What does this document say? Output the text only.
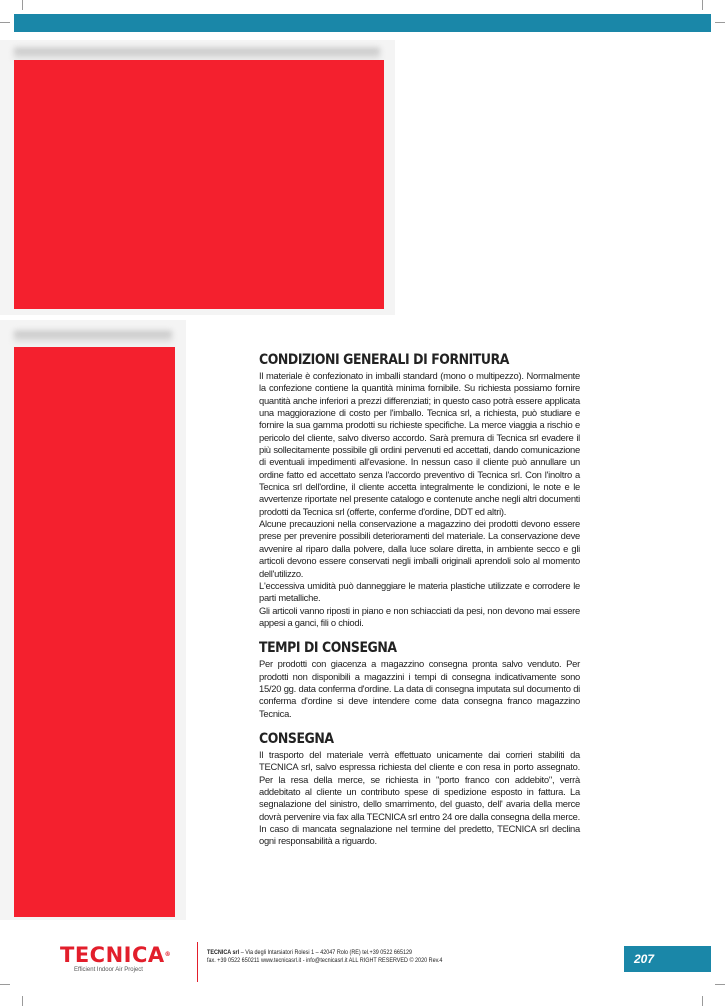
CONDIZIONI GENERALI DI FORNITURA

Il materiale è confezionato in imballi standard (mono o multipezzo). Normalmente la confezione contiene la quantità minima fornibile. Su richiesta possiamo fornire quantità anche inferiori a prezzi differenziati; in questo caso potrà essere applicata una maggiorazione di costo per l'imballo. Tecnica srl, a richiesta, può studiare e fornire la sua gamma prodotti su richieste specifiche. La merce viaggia a rischio e pericolo del cliente, salvo diverso accordo. Sarà premura di Tecnica srl evadere il più sollecitamente possibile gli ordini pervenuti ed accettati, dando comunicazione di eventuali impedimenti all'evasione. In nessun caso il cliente può annullare un ordine fatto ed accettato senza l'accordo preventivo di Tecnica srl. Con l'inoltro a Tecnica srl dell'ordine, il cliente accetta integralmente le condizioni, le note e le avvertenze riportate nel presente catalogo e contenute anche negli altri documenti prodotti da Tecnica srl (offerte, conferme d'ordine, DDT ed altri).

Alcune precauzioni nella conservazione a magazzino dei prodotti devono essere prese per prevenire possibili deterioramenti del materiale. La conservazione deve avvenire al riparo dalla polvere, dalla luce solare diretta, in ambiente secco e gli articoli devono essere conservati negli imballi originali aprendoli solo al momento dell'utilizzo.

L'eccessiva umidità può danneggiare le materia plastiche utilizzate e corrodere le parti metalliche.

Gli articoli vanno riposti in piano e non schiacciati da pesi, non devono mai essere appesi a ganci, fili o chiodi.

TEMPI DI CONSEGNA

Per prodotti con giacenza a magazzino consegna pronta salvo venduto. Per prodotti non disponibili a magazzini i tempi di consegna indicativamente sono 15/20 gg. data conferma d'ordine. La data di consegna imputata sul documento di conferma d'ordine si deve intendere come data consegna franco magazzino Tecnica.

CONSEGNA

Il trasporto del materiale verrà effettuato unicamente dai corrieri stabiliti da TECNICA srl, salvo espressa richiesta del cliente e con resa in porto assegnato. Per la resa della merce, se richiesta in "porto franco con addebito", verrà addebitato al cliente un contributo spese di spedizione esposto in fattura. La segnalazione del sinistro, dello smarrimento, del guasto, dell' avaria della merce dovrà pervenire via fax alla TECNICA srl entro 24 ore dalla consegna della merce. In caso di mancata segnalazione nel termine del predetto, TECNICA srl declina ogni responsabilità a riguardo.

TECNICA®
Efficient Indoor Air Project
TECNICA srl – Via degli Intarsiatori Rolesi 1 – 42047 Rolo (RE) tel.+39 0522 665129
fax. +39 0522 650211 www.tecnicasrl.it - info@tecnicasrl.it ALL RIGHT RESERVED © 2020 Rev.4	207
